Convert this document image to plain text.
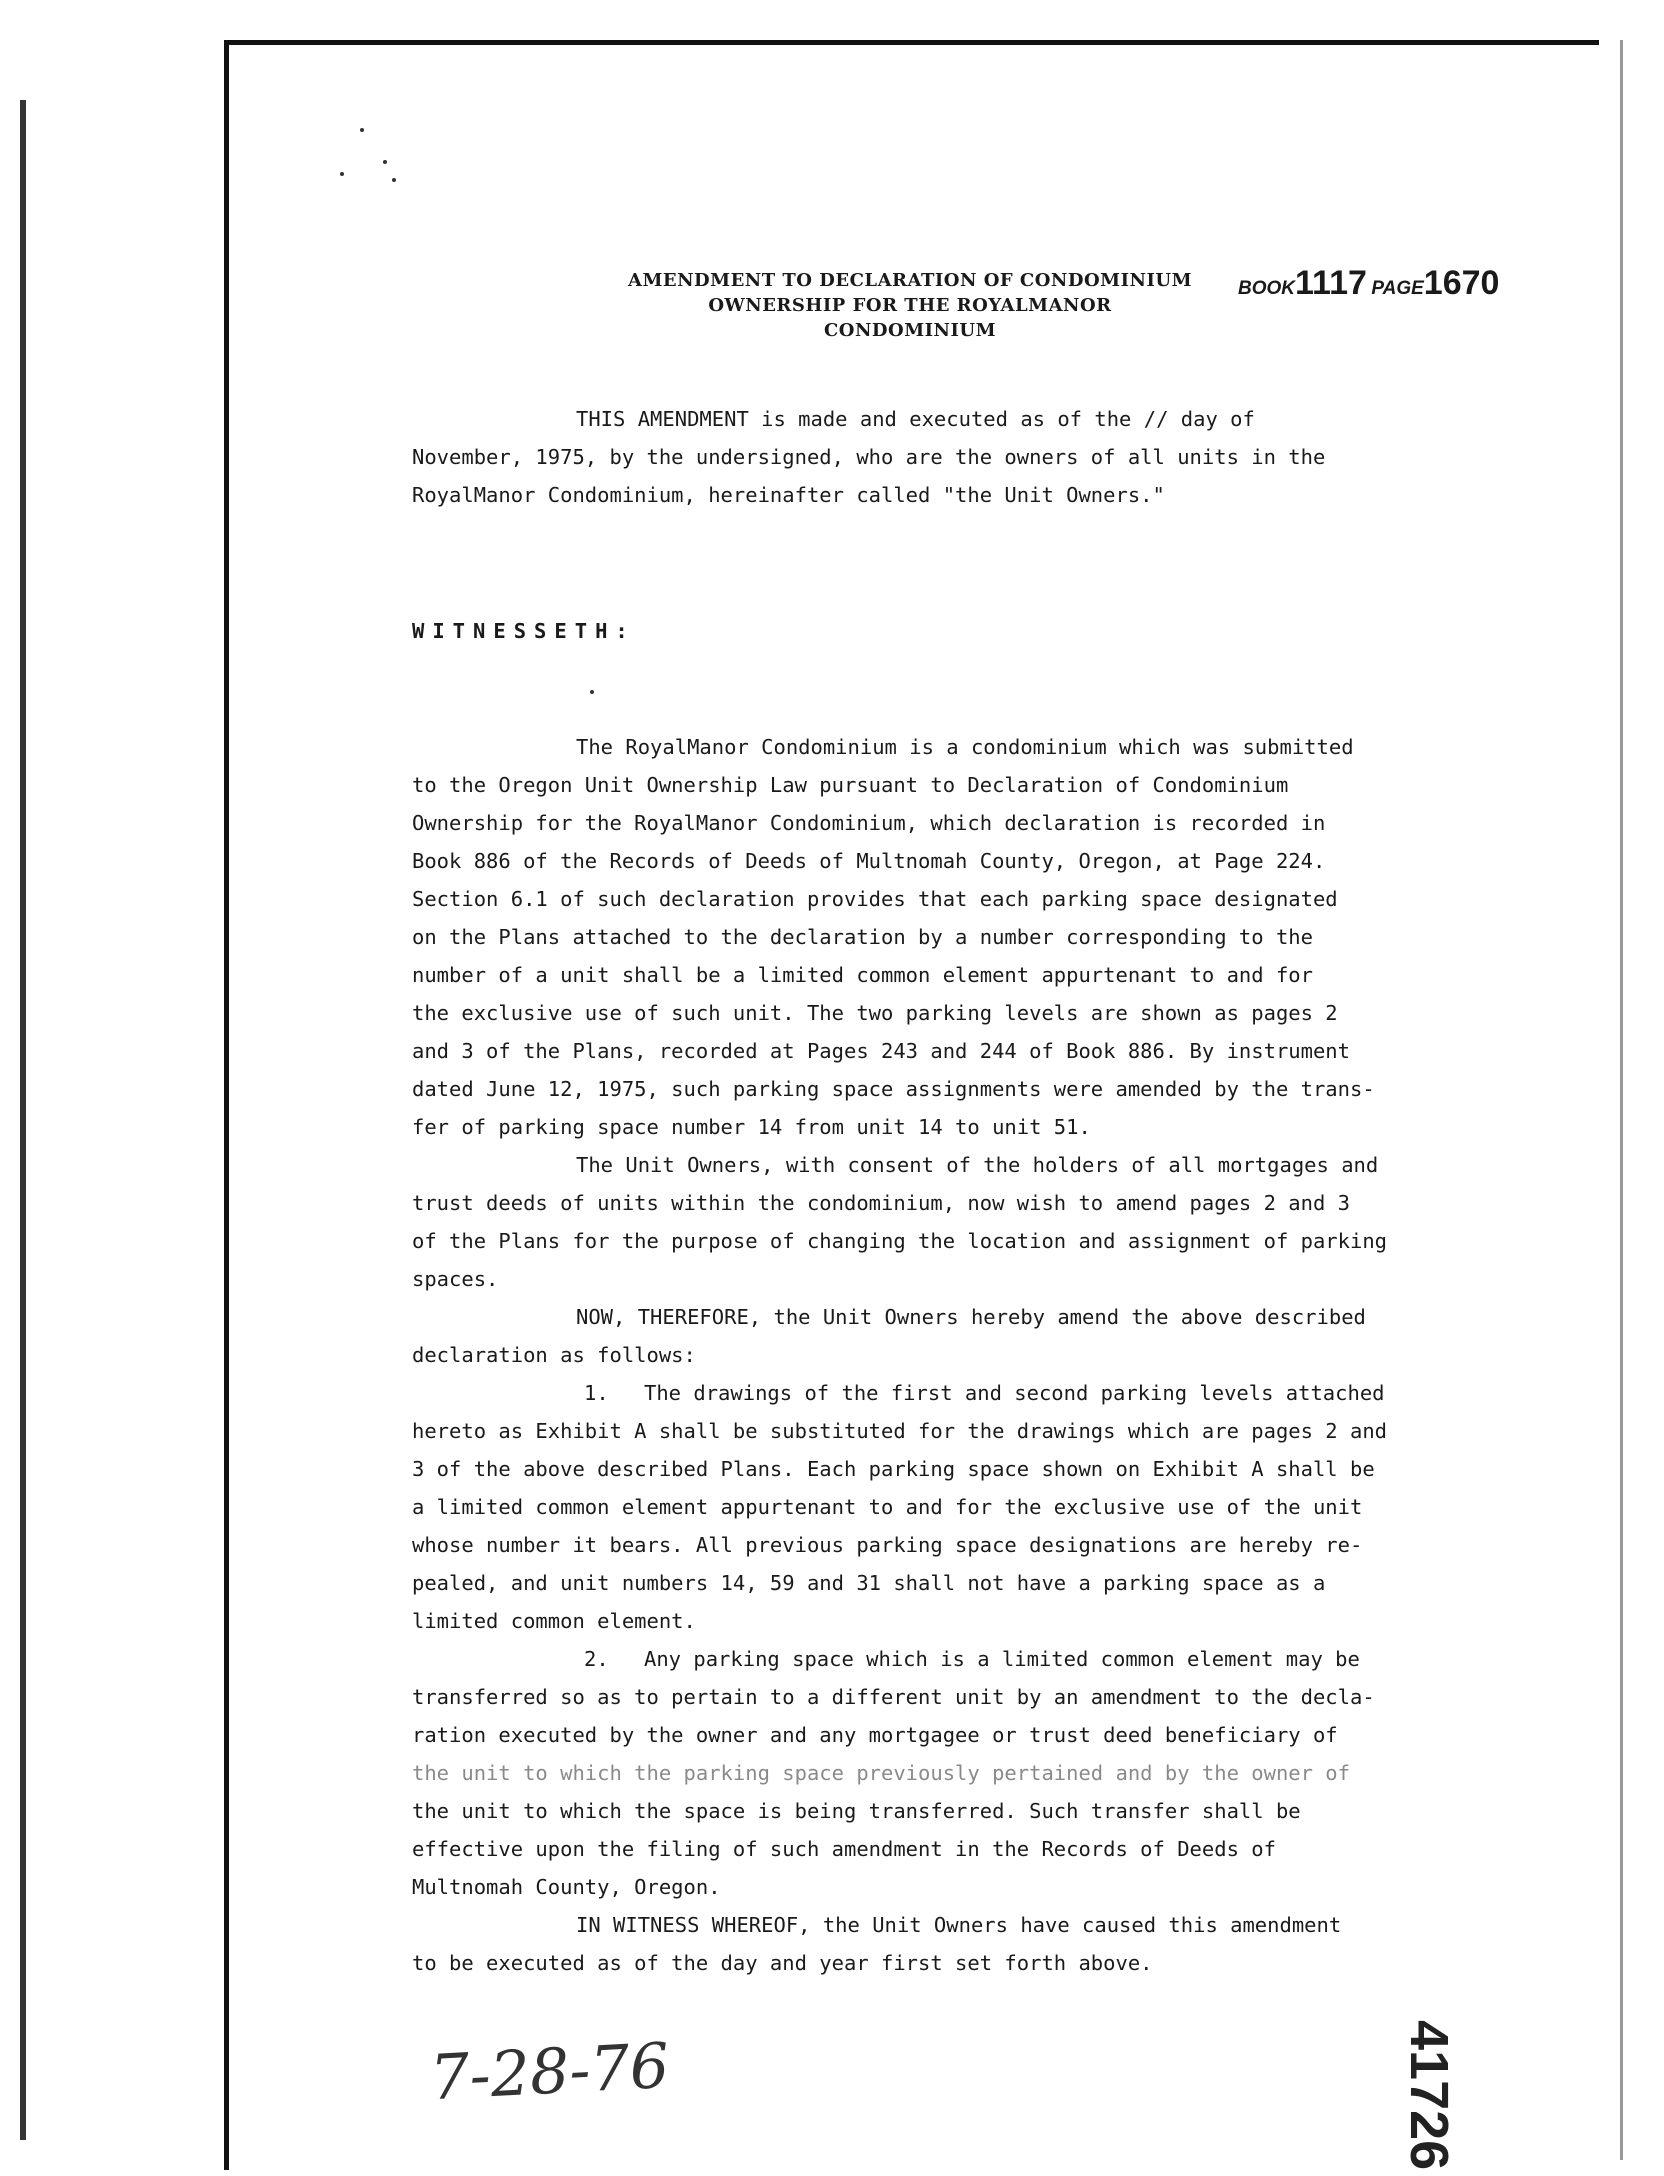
AMENDMENT TO DECLARATION OF CONDOMINIUM
OWNERSHIP FOR THE ROYALMANOR
CONDOMINIUM
BOOK1117 PAGE1670

THIS AMENDMENT is made and executed as of the // day of
November, 1975, by the undersigned, who are the owners of all units in the
RoyalManor Condominium, hereinafter called "the Unit Owners."

WITNESSETH:

The RoyalManor Condominium is a condominium which was submitted
to the Oregon Unit Ownership Law pursuant to Declaration of Condominium
Ownership for the RoyalManor Condominium, which declaration is recorded in
Book 886 of the Records of Deeds of Multnomah County, Oregon, at Page 224.
Section 6.1 of such declaration provides that each parking space designated
on the Plans attached to the declaration by a number corresponding to the
number of a unit shall be a limited common element appurtenant to and for
the exclusive use of such unit. The two parking levels are shown as pages 2
and 3 of the Plans, recorded at Pages 243 and 244 of Book 886. By instrument
dated June 12, 1975, such parking space assignments were amended by the trans-
fer of parking space number 14 from unit 14 to unit 51.

The Unit Owners, with consent of the holders of all mortgages and
trust deeds of units within the condominium, now wish to amend pages 2 and 3
of the Plans for the purpose of changing the location and assignment of parking
spaces.

NOW, THEREFORE, the Unit Owners hereby amend the above described
declaration as follows:

1. The drawings of the first and second parking levels attached
hereto as Exhibit A shall be substituted for the drawings which are pages 2 and
3 of the above described Plans. Each parking space shown on Exhibit A shall be
a limited common element appurtenant to and for the exclusive use of the unit
whose number it bears. All previous parking space designations are hereby re-
pealed, and unit numbers 14, 59 and 31 shall not have a parking space as a
limited common element.

2. Any parking space which is a limited common element may be
transferred so as to pertain to a different unit by an amendment to the decla-
ration executed by the owner and any mortgagee or trust deed beneficiary of
the unit to which the parking space previously pertained and by the owner of
the unit to which the space is being transferred. Such transfer shall be
effective upon the filing of such amendment in the Records of Deeds of
Multnomah County, Oregon.

IN WITNESS WHEREOF, the Unit Owners have caused this amendment
to be executed as of the day and year first set forth above.

7-28-76	41726
